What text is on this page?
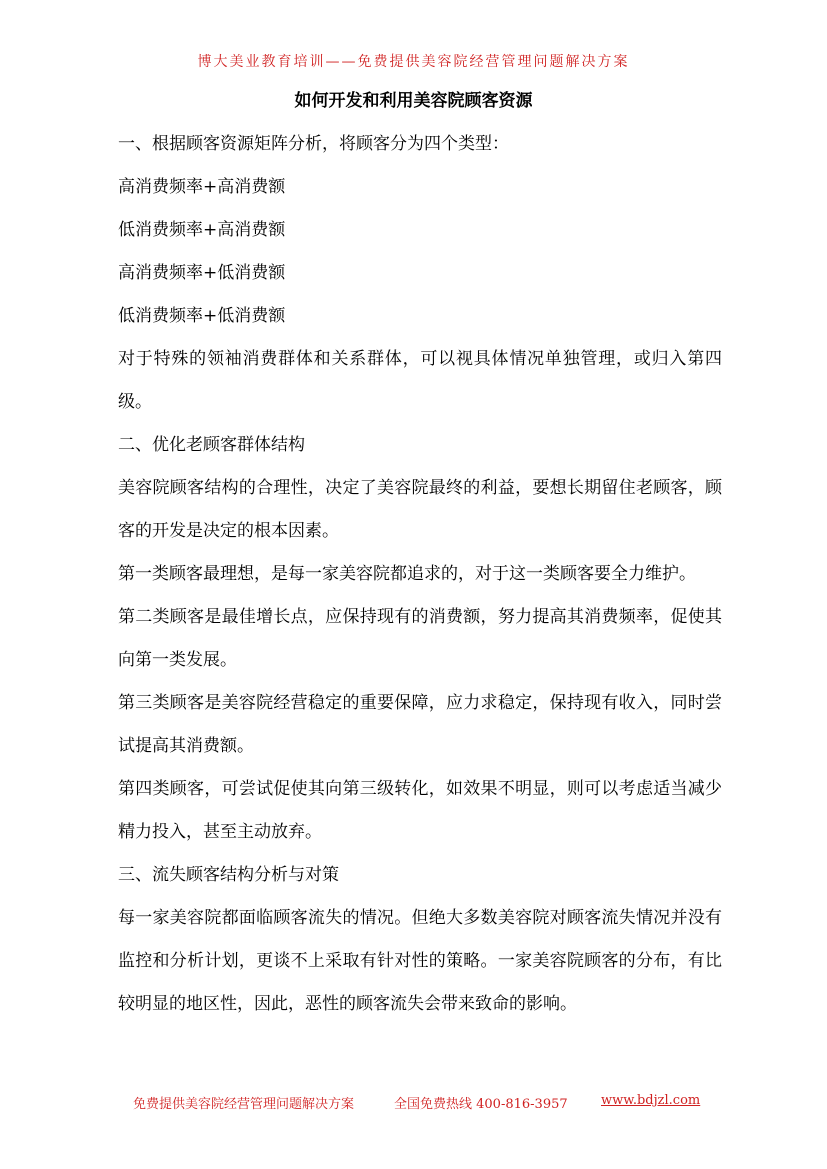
博大美业教育培训——免费提供美容院经营管理问题解决方案
如何开发和利用美容院顾客资源

一、根据顾客资源矩阵分析，将顾客分为四个类型：

高消费频率+高消费额

低消费频率+高消费额

高消费频率+低消费额

低消费频率+低消费额

对于特殊的领袖消费群体和关系群体，可以视具体情况单独管理，或归入第四级。

二、优化老顾客群体结构

美容院顾客结构的合理性，决定了美容院最终的利益，要想长期留住老顾客，顾客的开发是决定的根本因素。

第一类顾客最理想，是每一家美容院都追求的，对于这一类顾客要全力维护。

第二类顾客是最佳增长点，应保持现有的消费额，努力提高其消费频率，促使其向第一类发展。

第三类顾客是美容院经营稳定的重要保障，应力求稳定，保持现有收入，同时尝试提高其消费额。

第四类顾客，可尝试促使其向第三级转化，如效果不明显，则可以考虑适当减少精力投入，甚至主动放弃。

三、流失顾客结构分析与对策

每一家美容院都面临顾客流失的情况。但绝大多数美容院对顾客流失情况并没有监控和分析计划，更谈不上采取有针对性的策略。一家美容院顾客的分布，有比较明显的地区性，因此，恶性的顾客流失会带来致命的影响。

免费提供美容院经营管理问题解决方案	全国免费热线 400-816-3957	www.bdjzl.com
